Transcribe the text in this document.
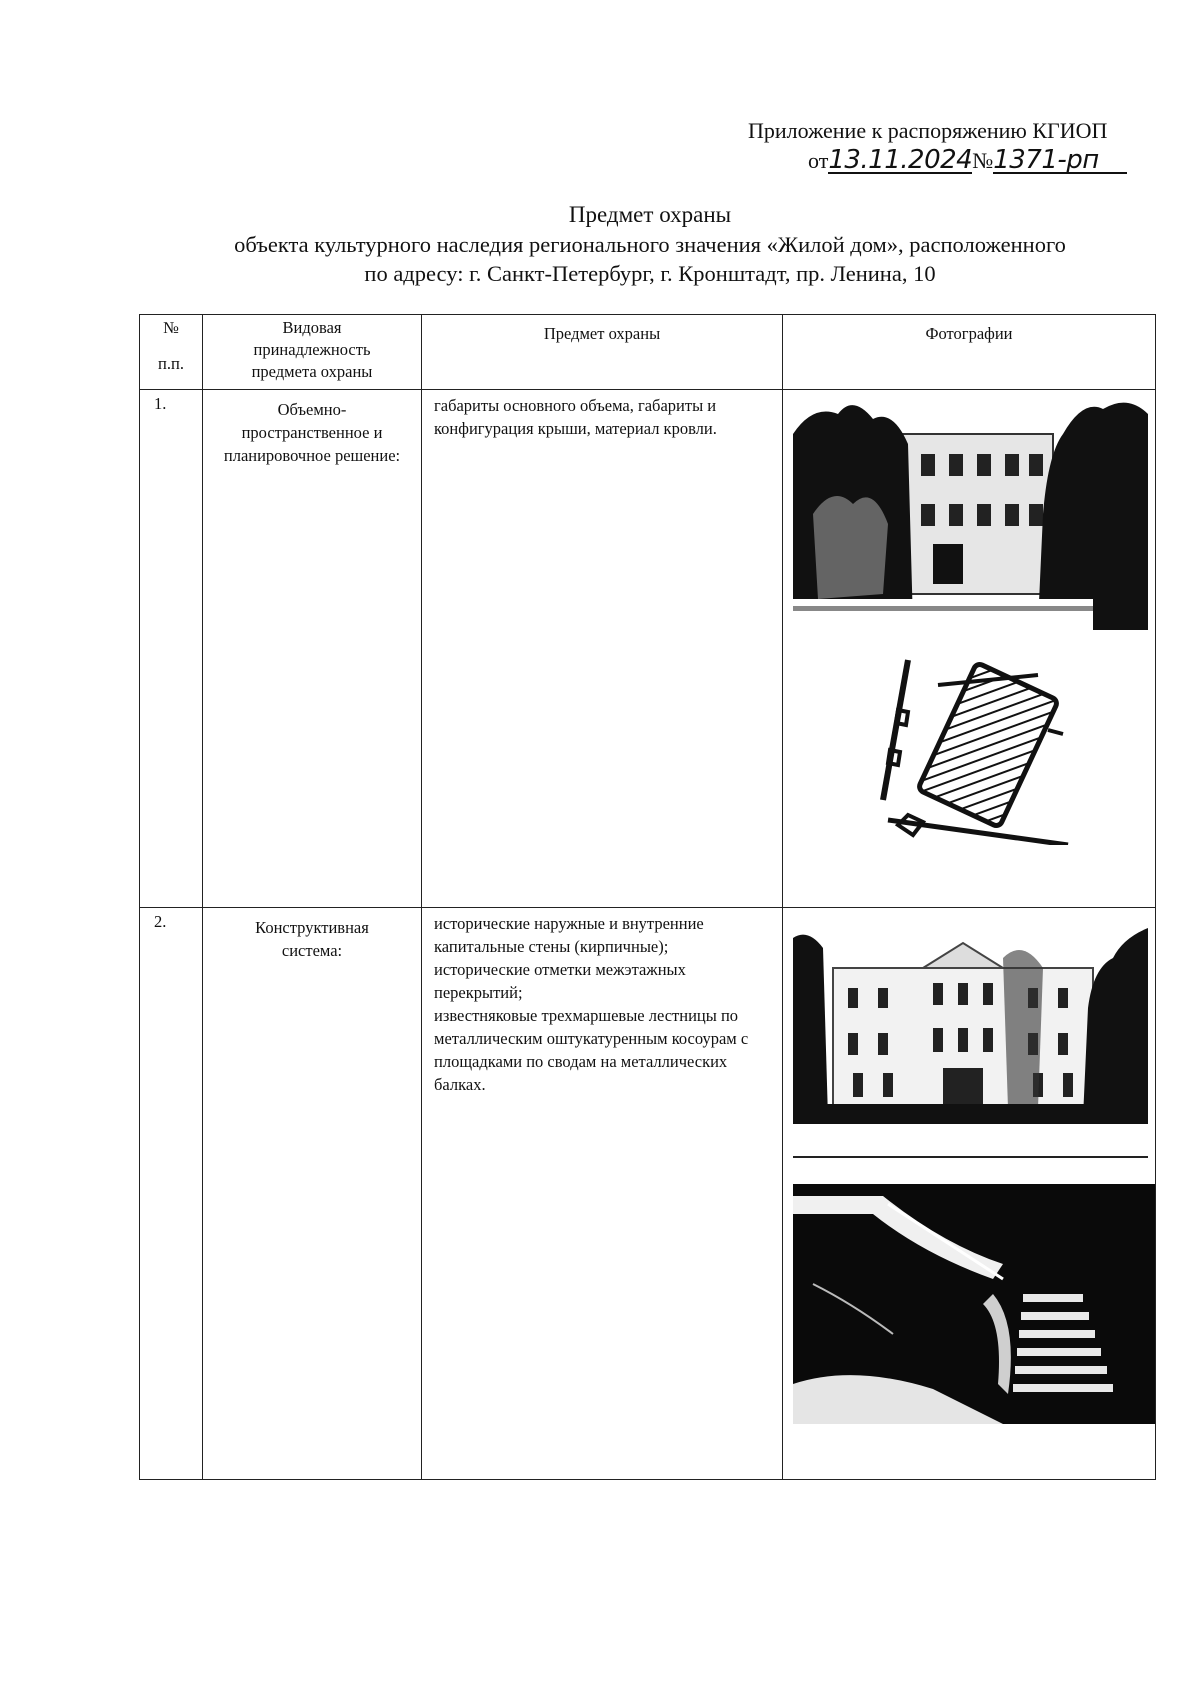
Приложение к распоряжению КГИОП
от13.11.2024№1371-рп
Предмет охраны
объекта культурного наследия регионального значения «Жилой дом», расположенного
по адресу: г. Санкт-Петербург, г. Кронштадт, пр. Ленина, 10
№
п.п.	Видовая принадлежность предмета охраны	Предмет охраны	Фотографии

1.	Объемно-пространственное и планировочное решение:	габариты основного объема, габариты и конфигурация крыши, материал кровли.	

2.	Конструктивная система:	исторические наружные и внутренние капитальные стены (кирпичные);
исторические отметки межэтажных перекрытий;
известняковые трехмаршевые лестницы по металлическим оштукатуренным косоурам с площадками по сводам на металлических балках.
